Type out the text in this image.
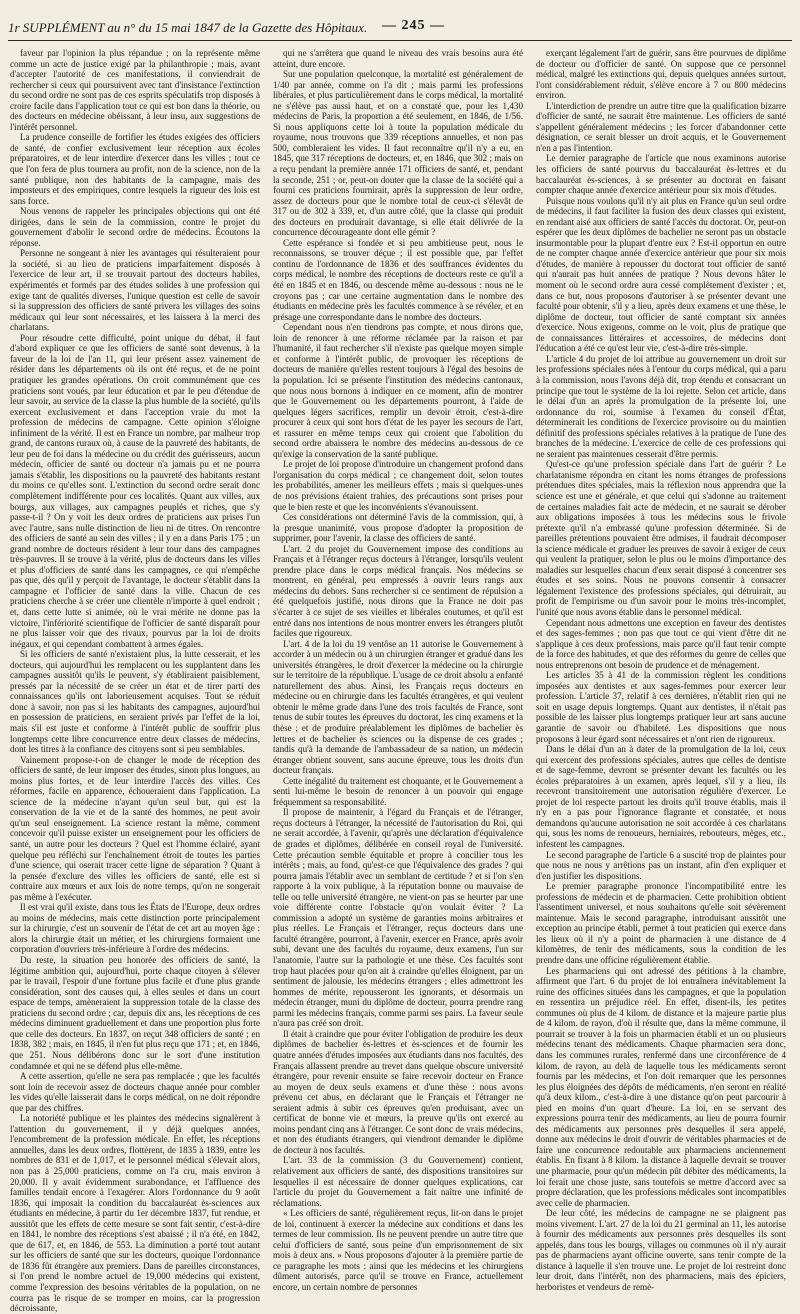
1r SUPPLÉMENT au n° du 15 mai 1847 de la Gazette des Hôpitaux. — 245 —

faveur par l'opinion la plus répandue ; on la représente même comme un acte de justice exigé par la philanthropie ; mais, avant d'accepter l'autorité de ces manifestations, il conviendrait de rechercher si ceux qui poursuivent avec tant d'insistance l'extinction du second ordre ne sont pas de ces esprits spéculatifs trop disposés à croire facile dans l'application tout ce qui est bon dans la théorie, ou des docteurs en médecine obéissant, à leur insu, aux suggestions de l'intérêt personnel.

La prudence conseille de fortifier les études exigées des officiers de santé, de confier exclusivement leur réception aux écoles préparatoires, et de leur interdire d'exercer dans les villes ; tout ce que l'on fera de plus tournera au profit, non de la science, non de la santé publique, non des habitants de la campagne, mais des imposteurs et des empiriques, contre lesquels la rigueur des lois est sans force.

Nous venons de rappeler les principales objections qui ont été dirigées, dans le sein de la commission, contre le projet du gouvernement d'abolir le second ordre de médecins. Écoutons la réponse.

Personne ne songeant à nier les avantages qui résulteraient pour la société, si au lieu de praticiens imparfaitement disposés à l'exercice de leur art, il se trouvait partout des docteurs habiles, expérimentés et formés par des études solides à une profession qui exige tant de qualités diverses, l'unique question est celle de savoir si la suppression des officiers de santé privera les villages des soins médicaux qui leur sont nécessaires, et les laissera à la merci des charlatans.

Pour résoudre cette difficulté, point unique du débat, il faut d'abord expliquer ce que les officiers de santé sont devenus, à la faveur de la loi de l'an 11, qui leur présent assez vainement de résider dans les départements où ils ont été reçus, et de ne point pratiquer les grandes opérations. On croit communément que ces praticiens sont voués, par leur éducation et par le peu d'étendue de leur savoir, au service de la classe la plus humble de la société, qu'ils exercent exclusivement et dans l'acception vraie du mot la profession de médecins de campagne. Cette opinion s'éloigne infiniment de la vérité. Il est en France un nombre, par malheur trop grand, de cantons ruraux où, à cause de la pauvreté des habitants, de leur peu de foi dans la médecine ou du crédit des guérisseurs, aucun médecin, officier de santé ou docteur n'a jamais pu et ne pourra jamais s'établir, les dispositions ou la pauvreté des habitants restant du moins ce qu'elles sont. L'extinction du second ordre serait donc complètement indifférente pour ces localités. Quant aux villes, aux bourgs, aux villages, aux campagnes peuplés et riches, que s'y passe-t-il ? On y voit les deux ordres de praticiens aux prises l'un avec l'autre, sans nulle distinction de lieu ni de titres. On rencontre des officiers de santé au sein des villes ; il y en a dans Paris 175 ; un grand nombre de docteurs résident à leur tour dans des campagnes très-pauvres. Il se trouve à la vérité, plus de docteurs dans les villes et plus d'officiers de santé dans les campagnes, ce qui n'empêche pas que, dès qu'il y perçoit de l'avantage, le docteur s'établit dans la campagne et l'officier de santé dans la ville. Chacun de ces praticiens cherche à se créer une clientèle n'importe à quel endroit ; et, dans cette lutte si animée, où le vrai mérite ne donne pas la victoire, l'infériorité scientifique de l'officier de santé disparaît pour ne plus laisser voir que des rivaux, pourvus par la loi de droits inégaux, et qui cependant combattent à armes égales.

Si les officiers de santé n'existaient plus, la lutte cesserait, et les docteurs, qui aujourd'hui les remplacent ou les supplantent dans les campagnes aussitôt qu'ils le peuvent, s'y établiraient paisiblement, pressés par la nécessité de se créer un état et de tirer parti des connaissances qu'ils ont laborieusement acquises. Tout se réduit donc à savoir, non pas si les habitants des campagnes, aujourd'hui en possession de praticiens, en seraient privés par l'effet de la loi, mais s'il est juste et conforme à l'intérêt public de souffrir plus longtemps cette libre concurrence entre deux classes de médecins, dont les titres à la confiance des citoyens sont si peu semblables.

Vainement propose-t-on de changer le mode de réception des officiers de santé, de leur imposer des études, sinon plus longues, au moins plus fortes, et de leur interdire l'accès des villes. Ces réformes, facile en apparence, échoueraient dans l'application. La science de la médecine n'ayant qu'un seul but, qui est la conservation de la vie et de la santé des hommes, ne peut avoir qu'un seul enseignement. La science restant la même, comment concevoir qu'il puisse exister un enseignement pour les officiers de santé, un autre pour les docteurs ? Quel est l'homme éclairé, ayant quelque peu réfléchi sur l'enchaînement étroit de toutes les parties d'une science, qui oserait tracer cette ligne de séparation ? Quant à la pensée d'exclure des villes les officiers de santé, elle est si contraire aux mœurs et aux lois de notre temps, qu'on ne songerait pas même à l'exécuter.

Il est vrai qu'il existe, dans tous les États de l'Europe, deux ordres au moins de médecins, mais cette distinction porte principalement sur la chirurgie, c'est un souvenir de l'état de cet art au moyen âge : alors la chirurgie était un métier, et les chirurgiens formaient une corporation d'ouvriers très-inférieure à l'ordre des médecins.

Du reste, la situation peu honorée des officiers de santé, la légitime ambition qui, aujourd'hui, porte chaque citoyen à s'élever par le travail, l'espoir d'une fortune plus facile et d'une plus grande considération, sont des causes qui, à elles seules et dans un court espace de temps, amèneraient la suppression totale de la classe des praticiens du second ordre ; car, depuis dix ans, les réceptions de ces médecins diminuent graduellement et dans une proportion plus forte que celle des docteurs. En 1837, on reçut 348 officiers de santé ; en 1838, 382 ; mais, en 1845, il n'en fut plus reçu que 171 ; et, en 1846, que 251. Nous délibérons donc sur le sort d'une institution condamnée et qui ne se défend plus elle-même.

A cette assertion, qu'elle ne sera pas remplacée ; que les facultés sont loin de recevoir assez de docteurs chaque année pour combler les vides qu'elle laisserait dans le corps médical, on ne doit répondre que par des chiffres.

La notoriété publique et les plaintes des médecins signalèrent à l'attention du gouvernement, il y déjà quelques années, l'encombrement de la profession médicale. En effet, les réceptions annuelles, dans les deux ordres, flottèrent, de 1835 à 1839, entre les nombres de 831 et de 1,017, et le personnel médical s'élevait alors, non pas à 25,000 praticiens, comme on l'a cru, mais environ à 20,000. Il y avait évidemment surabondance, et l'affluence des familles tendait encore à l'exagérer. Alors l'ordonnance du 9 août 1836, qui imposait la condition du baccalauréat ès-sciences aux étudiants en médecine, à partir du 1er décembre 1837, fut rendue, et aussitôt que les effets de cette mesure se sont fait sentir, c'est-à-dire en 1841, le nombre des réceptions s'est abaissé ; il n'a été, en 1842, que de 617, et, en 1846, de 553. La diminution a porté tout autant sur les officiers de santé que sur les docteurs, quoique l'ordonnance de 1836 fût étrangère aux premiers. Dans de pareilles circonstances, si l'on prend le nombre actuel de 19,000 médecins qui existent, comme l'expression des besoins véritables de la population, on ne courra pas le risque de se tromper en moins, car la progression décroissante,

qui ne s'arrêtera que quand le niveau des vrais besoins aura été atteint, dure encore.

Sur une population quelconque, la mortalité est généralement de 1/40 par année, comme on l'a dit ; mais parmi les professions libérales, et plus particulièrement dans le corps médical, la mortalité ne s'élève pas aussi haut, et on a constaté que, pour les 1,430 médecins de Paris, la proportion a été seulement, en 1846, de 1/56. Si nous appliquons cette loi à toute la population médicale du royaume, nous trouvons que 339 réceptions annuelles, et non pas 500, combleraient les vides. Il faut reconnaître qu'il n'y a eu, en 1845, que 317 réceptions de docteurs, et, en 1846, que 302 ; mais on a reçu pendant la première année 171 officiers de santé, et, pendant la seconde, 251 ; or, peut-on douter que la classe de la société qui a fourni ces praticiens fournirait, après la suppression de leur ordre, assez de docteurs pour que le nombre total de ceux-ci s'élevât de 317 ou de 302 à 339, et, d'un autre côté, que la classe qui produit des docteurs en produirait davantage, si elle était délivrée de la concurrence décourageante dont elle gémit ?

Cette espérance si fondée et si peu ambitieuse peut, nous le reconnaissons, se trouver déçue ; il est possible que, par l'effet continu de l'ordonnance de 1836 et des souffrances évidentes du corps médical, le nombre des réceptions de docteurs reste ce qu'il a été en 1845 et en 1846, ou descende même au-dessous : nous ne le croyons pas ; car une certaine augmentation dans le nombre des étudiants en médecine près les facultés commence à se révéler, et en présage une correspondante dans le nombre des docteurs.

Cependant nous n'en tiendrons pas compte, et nous dirons que, loin de renoncer à une réforme réclamée par la raison et par l'humanité, il faut rechercher s'il n'existe pas quelque moyen simple et conforme à l'intérêt public, de provoquer les réceptions de docteurs de manière qu'elles restent toujours à l'égal des besoins de la population. Ici se présente l'institution des médecins cantonaux, que nous nous bornons à indiquer en ce moment, afin de montrer que le Gouvernement ou les départements pourront, à l'aide de quelques légers sacrifices, remplir un devoir étroit, c'est-à-dire procurer à ceux qui sont hors d'état de les payer les secours de l'art, et rassurer en même temps ceux qui croient que l'abolition du second ordre abaissera le nombre des médecins au-dessous de ce qu'exige la conservation de la santé publique.

Le projet de loi propose d'introduire un changement profond dans l'organisation du corps médical ; ce changement doit, selon toutes les probabilités, amener les meilleurs effets ; mais si quelques-unes de nos prévisions étaient trahies, des précautions sont prises pour que le bien reste et que les inconvénients s'évanouissent.

Ces considérations ont déterminé l'avis de la commission, qui, à la presque unanimité, vous propose d'adopter la proposition de supprimer, pour l'avenir, la classe des officiers de santé.

L'art. 2 du projet du Gouvernement impose des conditions au Français et à l'étranger reçus docteurs à l'étranger, lorsqu'ils veulent prendre place dans le corps médical français. Nos médecins se montrent, en général, peu empressés à ouvrir leurs rangs aux médecins du dehors. Sans rechercher si ce sentiment de répulsion a été quelquefois justifié, nous dirons que la France ne doit pas s'écarter à ce sujet de ses vieilles et libérales coutumes, et qu'il est entré dans nos intentions de nous montrer envers les étrangers plutôt faciles que rigoureux.

L'art. 4 de la loi du 19 ventôse an 11 autorise le Gouvernement à accorder à un médecin ou à un chirurgien étranger et gradué dans les universités étrangères, le droit d'exercer la médecine ou la chirurgie sur le territoire de la république. L'usage de ce droit absolu a enfanté naturellement des abus. Ainsi, les Français reçus docteurs en médecine ou en chirurgie dans les facultés étrangères, et qui veulent obtenir le même grade dans l'une des trois facultés de France, sont tenus de subir toutes les épreuves du doctorat, les cinq examens et la thèse ; et de produire préalablement les diplômes de bachelier ès lettres et de bachelier ès sciences ou la dispense de ces grades ; tandis qu'à la demande de l'ambassadeur de sa nation, un médecin étranger obtient souvent, sans aucune épreuve, tous les droits d'un docteur français.

Cette inégalité du traitement est choquante, et le Gouvernement a senti lui-même le besoin de renoncer à un pouvoir qui engage fréquemment sa responsabilité.

Il propose de maintenir, à l'égard du Français et de l'étranger, reçus docteurs à l'étranger, la nécessité de l'autorisation du Roi, qui ne serait accordée, à l'avenir, qu'après une déclaration d'équivalence de grades et diplômes, délibérée en conseil royal de l'université. Cette précaution semble équitable et propre à concilier tous les intérêts ; mais, au fond, qu'est-ce que l'équivalence des grades ? qui pourra jamais l'établir avec un semblant de certitude ? et si l'on s'en rapporte à la voix publique, à la réputation bonne ou mauvaise de telle ou telle université étrangère, ne vient-on pas se heurter par une voie différente contre l'obstacle qu'on voulait éviter ? La commission a adopté un système de garanties moins arbitraires et plus réelles. Le Français et l'étranger, reçus docteurs dans une faculté étrangère, pourront, à l'avenir, exercer en France, après avoir subi, devant une des facultés du royaume, deux examens, l'un sur l'anatomie, l'autre sur la pathologie et une thèse. Ces facultés sont trop haut placées pour qu'on ait à craindre qu'elles éloignent, par un sentiment de jalousie, les médecins étrangers ; elles admettront les hommes de mérite, repousseront les ignorants, et désormais un médecin étranger, muni du diplôme de docteur, pourra prendre rang parmi les médecins français, comme parmi ses pairs. La faveur seule n'aura pas créé son droit.

Il était à craindre que pour éviter l'obligation de produire les deux diplômes de bachelier ès-lettres et ès-sciences et de fournir les quatre années d'études imposées aux étudiants dans nos facultés, des Français allassent prendre au trevet dans quelque obscure université étrangère, pour revenir ensuite se faire recevoir docteur en France au moyen de deux seuls examens et d'une thèse : nous avons prévenu cet abus, en déclarant que le Français et l'étranger ne seraient admis à subir ces épreuves qu'en produisant, avec un certificat de bonne vie et mœurs, la preuve qu'ils ont exercé au moins pendant cinq ans à l'étranger. Ce sont donc de vrais médecins, et non des étudiants étrangers, qui viendront demander le diplôme de docteur à nos facultés.

L'art. 33 de la commission (3 du Gouvernement) contient, relativement aux officiers de santé, des dispositions transitoires sur lesquelles il est nécessaire de donner quelques explications, car l'article du projet du Gouvernement a fait naître une infinité de réclamations.

« Les officiers de santé, régulièrement reçus, lit-on dans le projet de loi, continuent à exercer la médecine aux conditions et dans les termes de leur commission. Ils ne peuvent prendre un autre titre que celui d'officiers de santé, sous peine d'un emprisonnement de six mois à deux ans. » Nous proposons d'ajouter à la première partie de ce paragraphe les mots : ainsi que les médecins et les chirurgiens dûment autorisés, parce qu'il se trouve en France, actuellement encore, un certain nombre de personnes

exerçant légalement l'art de guérir, sans être pourvues de diplôme de docteur ou d'officier de santé. On suppose que ce personnel médical, malgré les extinctions qui, depuis quelques années surtout, l'ont considérablement réduit, s'élève encore à 7 ou 800 médecins environ.

L'interdiction de prendre un autre titre que la qualification bizarre d'officier de santé, ne saurait être maintenue. Les officiers de santé s'appellent généralement médecins ; les forcer d'abandonner cette désignation, ce serait blesser un droit acquis, et le Gouvernement n'en a pas l'intention.

Le dernier paragraphe de l'article que nous examinons autorise les officiers de santé pourvus du baccalauréat ès-lettres et du baccalauréat ès-sciences, à se présenter au doctorat en faisant compter chaque année d'exercice antérieur pour six mois d'études.

Puisque nous voulons qu'il n'y ait plus en France qu'un seul ordre de médecins, il faut faciliter la fusion des deux classes qui existent, en rendant aisé aux officiers de santé l'accès du doctorat. Or, peut-on espérer que les deux diplômes de bachelier ne seront pas un obstacle insurmontable pour la plupart d'entre eux ? Est-il opportun en outre de ne compter chaque année d'exercice antérieur que pour six mois d'études, de manière à repousser du doctorat tout officier de santé qui n'aurait pas huit années de pratique ? Nous devons hâter le moment où le second ordre aura cessé complètement d'exister ; et, dans ce but, nous proposons d'autoriser à se présenter devant une faculté pour obtenir, s'il y a lieu, après deux examens et une thèse, le diplôme de docteur, tout officier de santé comptant six années d'exercice. Nous exigeons, comme on le voit, plus de pratique que de connaissances littéraires et accessoires, de médecins dont l'éducation a été ce qu'est leur vie, c'est-à-dire très-simple.

L'article 4 du projet de loi attribue au gouvernement un droit sur les professions spéciales nées à l'entour du corps médical, qui a paru à la commission, nous l'avons déjà dit, trop étendu et consacrant un principe que tout le système de la loi rejette. Selon cet article, dans le délai d'un an après la promulgation de la présente loi, une ordonnance du roi, soumise à l'examen du conseil d'État, déterminerait les conditions de l'exercice provisoire ou du maintien définitif des professions spéciales relatives à la pratique de l'une des branches de la médecine. L'exercice de celle de ces professions qui ne seraient pas maintenues cesserait d'être permis.

Qu'est-ce qu'une profession spéciale dans l'art de guérir ? Le charlatanisme répondra en citant les noms étranges de professions prétendues dites spéciales, mais la réflexion nous apprendra que la science est une et générale, et que celui qui s'adonne au traitement de certaines maladies fait acte de médecin, et ne saurait se dérober aux obligations imposées à tous les médecins sous le frivole prétexte qu'il n'a embrassé qu'une profession déterminée. Si de pareilles prétentions pouvaient être admises, il faudrait décomposer la science médicale et graduer les preuves de savoir à exiger de ceux qui veulent la pratiquer, selon le plus ou le moins d'importance des maladies sur lesquelles chacun d'eux serait disposé à concentrer ses études et ses soins. Nous ne pouvons consentir à consacrer légalement l'existence des professions spéciales, qui détruirait, au profit de l'empirisme ou d'un savoir pour le moins très-incomplet, l'unité que nous avons établie dans le personnel médical.

Cependant nous admettons une exception en faveur des dentistes et des sages-femmes ; non pas que tout ce qui vient d'être dit ne s'applique à ces deux professions, mais parce qu'il faut tenir compte de la force des habitudes, et que des réformes du genre de celles que nous entreprenons ont besoin de prudence et de ménagement.

Les articles 35 à 41 de la commission règlent les conditions imposées aux dentistes et aux sages-femmes pour exercer leur profession. L'article 37, relatif à ces dernières, n'établit rien qui ne soit en usage depuis longtemps. Quant aux dentistes, il n'était pas possible de les laisser plus longtemps pratiquer leur art sans aucune garantie de savoir ou d'habileté. Les dispositions que nous proposons à leur égard sont nécessaires et n'ont rien de rigoureux.

Dans le délai d'un an à dater de la promulgation de la loi, ceux qui exercent des professions spéciales, autres que celles de dentiste et de sage-femme, devront se présenter devant les facultés ou les écoles préparatoires à un examen, après lequel, s'il y a lieu, ils recevront transitoirement une autorisation régulière d'exercer. Le projet de loi respecte partout les droits qu'il trouve établis, mais il n'y en a pas pour l'ignorance flagrante et constatée, et nous demandons qu'aucune autorisation ne soit accordée à ces charlatans qui, sous les noms de renoueurs, herniaires, rebouteurs, mèges, etc., infestent les campagnes.

Le second paragraphe de l'article 6 a suscité trop de plaintes pour que nous ne nous y arrêtions pas un instant, afin d'en expliquer et d'en justifier les dispositions.

Le premier paragraphe prononce l'incompatibilité entre les professions de médecin et de pharmacien. Cette prohibition obtient l'assentiment universel, et nous souhaitons qu'elle soit sévèrement maintenue. Mais le second paragraphe, introduisant aussitôt une exception au principe établi, permet à tout praticien qui exerce dans les lieux où il n'y a point de pharmacien à une distance de 4 kilomètres, de tenir des médicaments, sous la condition de les prendre dans une officine régulièrement établie.

Les pharmaciens qui ont adressé des pétitions à la chambre, affirment que l'art. 6 du projet de loi entraînera inévitablement la ruine des officines situées dans les campagnes, et que la population en ressentira un préjudice réel. En effet, disent-ils, les petites communes où plus de 4 kilom. de distance et la majeure partie plus de 4 kilom. de rayon, d'où il résulte que, dans la même commune, il pourrait se trouver à la fois un pharmacien établi et un ou plusieurs médecins tenant des médicaments. Chaque pharmacien sera donc, dans les communes rurales, renfermé dans une circonférence de 4 kilom. de rayon, au delà de laquelle tous les médicaments seront fournis par les médecins, et l'on doit remarquer que les personnes les plus éloignées des dépôts de médicaments, n'en seront en réalité qu'à deux kilom., c'est-à-dire à une distance qu'on peut parcourir à pied en moins d'un quart d'heure. La loi, en se servant des expressions pourra tenir des médicaments, au lieu de pourra fournir des médicaments aux personnes près desquelles il sera appelé, donne aux médecins le droit d'ouvrir de véritables pharmacies et de faire une concurrence redoutable aux pharmaciens anciennement établis. En fixant à 8 kilom. la distance à laquelle devrait se trouver une pharmacie, pour qu'un médecin pût débiter des médicaments, la loi ferait une chose juste, sans toutefois se mettre d'accord avec sa propre déclaration, que les professions médicales sont incompatibles avec celle de pharmacien.

De leur côté, les médecins de campagne ne se plaignent pas moins vivement. L'art. 27 de la loi du 21 germinal an 11, les autorise à fournir des médicaments aux personnes près desquelles ils sont appelés, dans tous les bourgs, villages ou communes où il n'y aurait pas de pharmaciens ayant officine ouverte, sans tenir compte de la distance à laquelle il s'en trouve une. Le projet de loi restreint donc leur droit, dans l'intérêt, non des pharmaciens, mais des épiciers, herboristes et vendeurs de remè-
